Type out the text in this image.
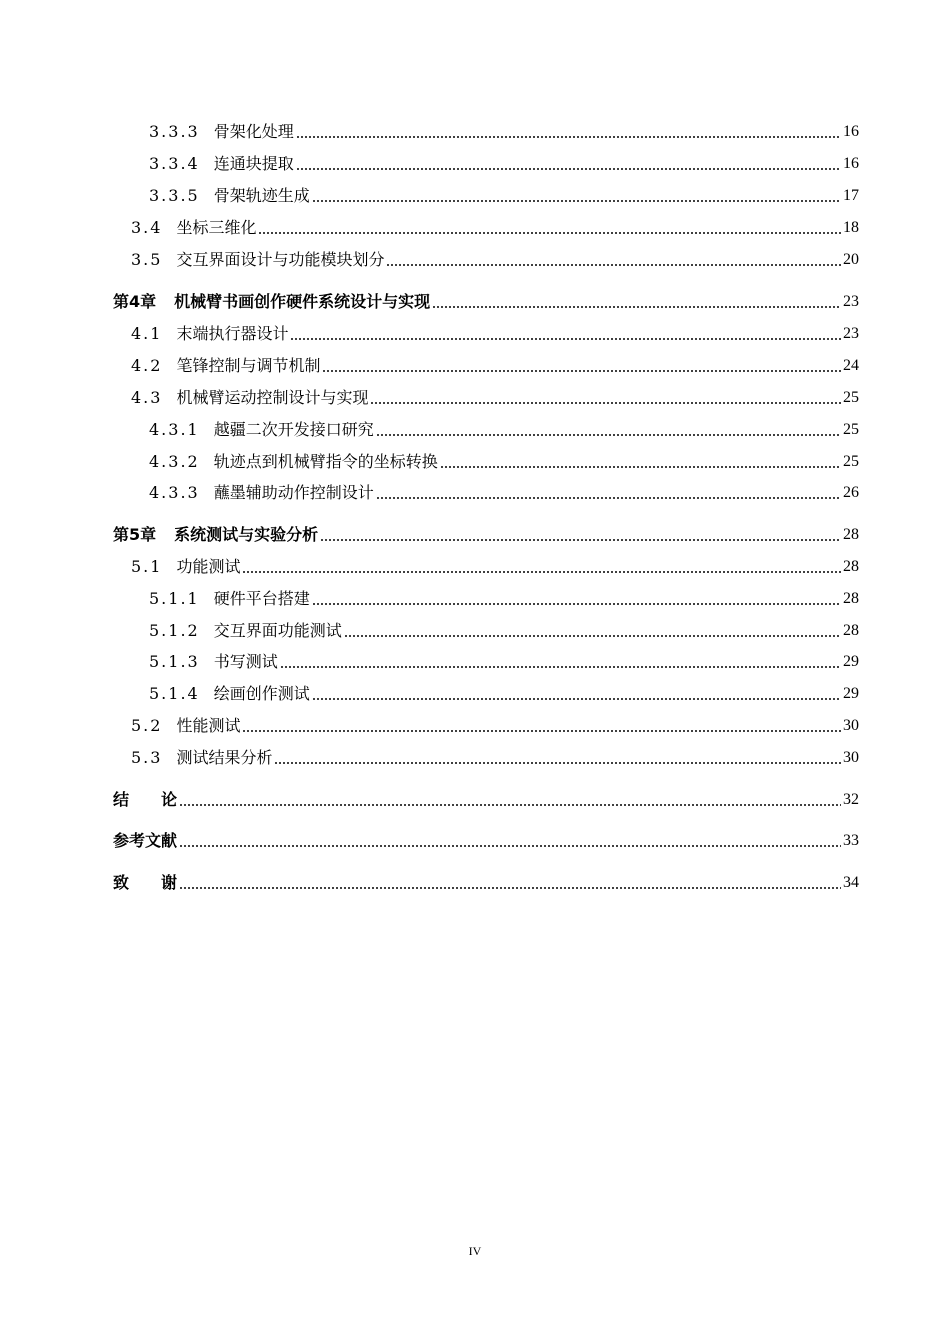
3.3.3 骨架化处理	16
3.3.4 连通块提取	16
3.3.5 骨架轨迹生成	17
3.4 坐标三维化	18
3.5 交互界面设计与功能模块划分	20
第4章 机械臂书画创作硬件系统设计与实现	23
4.1 末端执行器设计	23
4.2 笔锋控制与调节机制	24
4.3 机械臂运动控制设计与实现	25
4.3.1 越疆二次开发接口研究	25
4.3.2 轨迹点到机械臂指令的坐标转换	25
4.3.3 蘸墨辅助动作控制设计	26
第5章 系统测试与实验分析	28
5.1 功能测试	28
5.1.1 硬件平台搭建	28
5.1.2 交互界面功能测试	28
5.1.3 书写测试	29
5.1.4 绘画创作测试	29
5.2 性能测试	30
5.3 测试结果分析	30
结　　论	32
参考文献	33
致　　谢	34
IV
